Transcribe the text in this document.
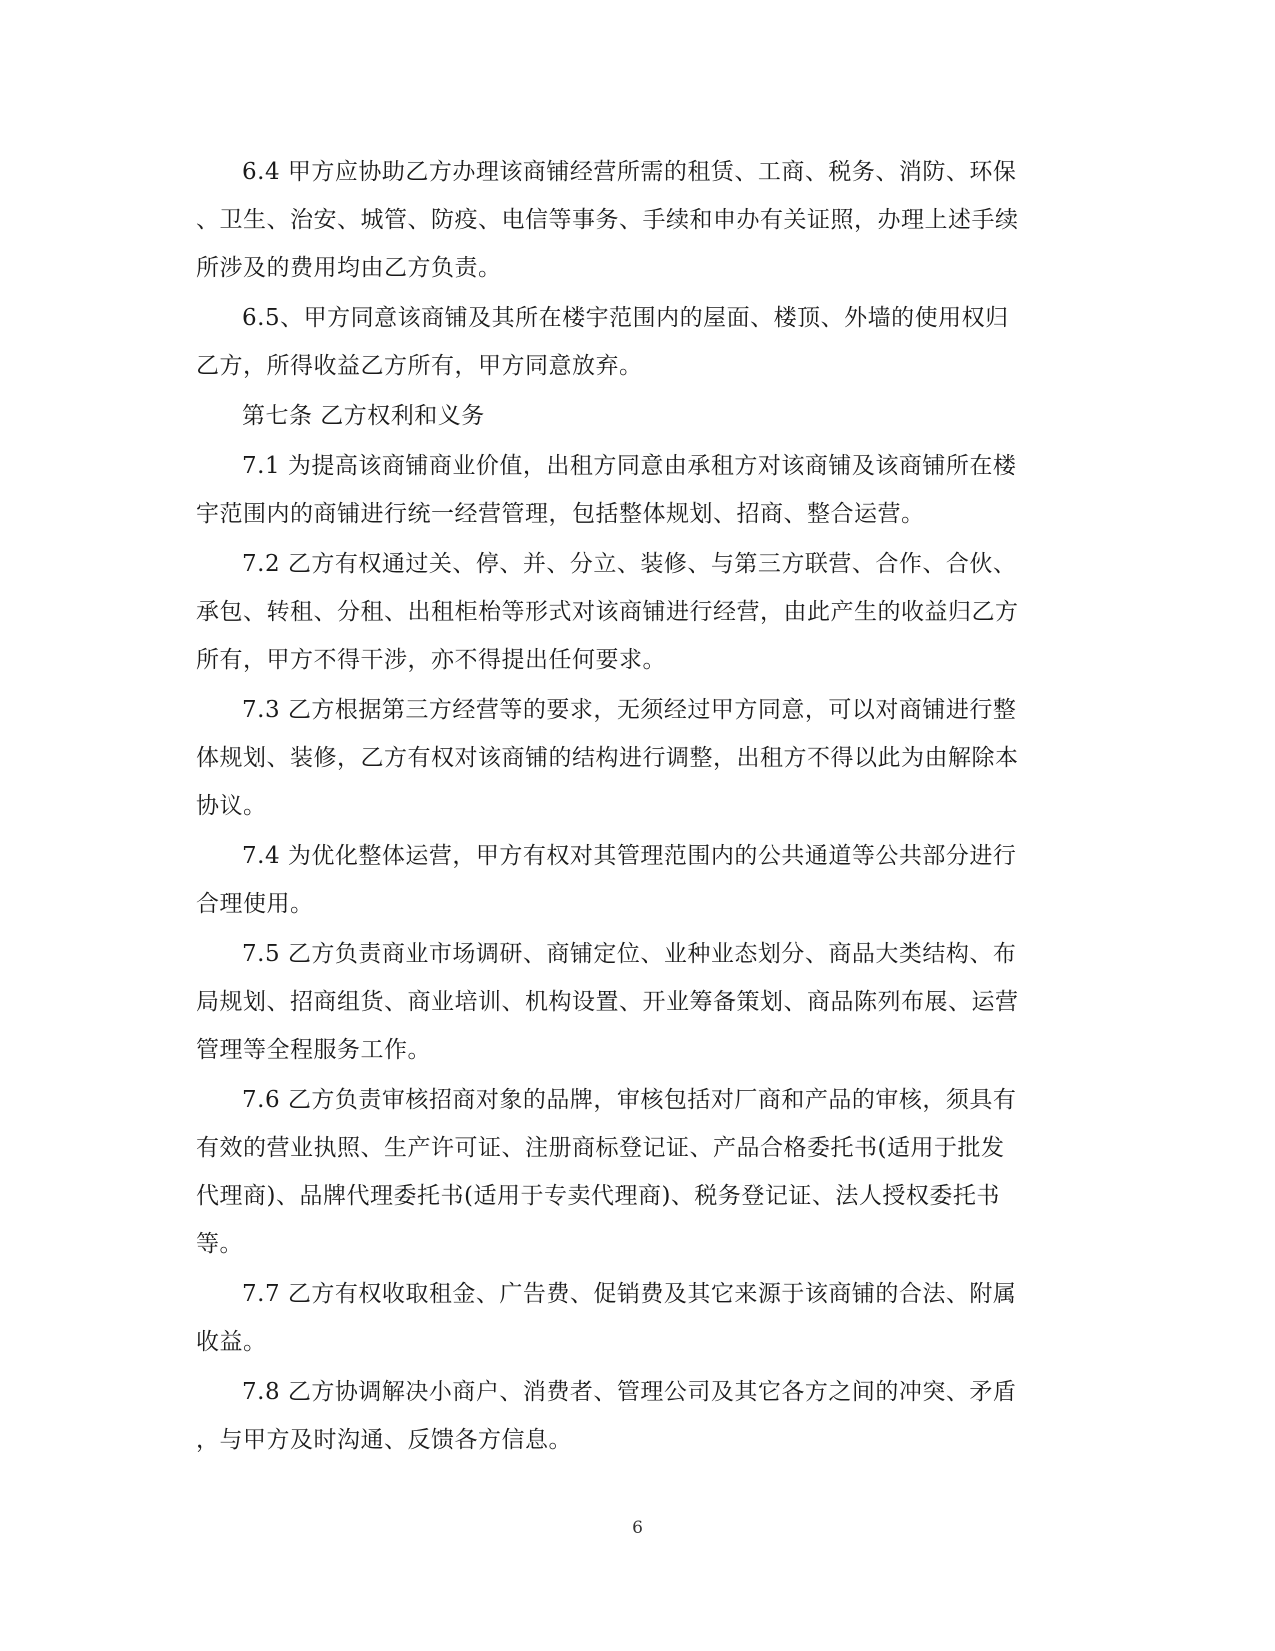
6.4 甲方应协助乙方办理该商铺经营所需的租赁、工商、税务、消防、环保
、卫生、治安、城管、防疫、电信等事务、手续和申办有关证照，办理上述手续
所涉及的费用均由乙方负责。

6.5、甲方同意该商铺及其所在楼宇范围内的屋面、楼顶、外墙的使用权归
乙方，所得收益乙方所有，甲方同意放弃。

第七条 乙方权利和义务

7.1 为提高该商铺商业价值，出租方同意由承租方对该商铺及该商铺所在楼
宇范围内的商铺进行统一经营管理，包括整体规划、招商、整合运营。

7.2 乙方有权通过关、停、并、分立、装修、与第三方联营、合作、合伙、
承包、转租、分租、出租柜枱等形式对该商铺进行经营，由此产生的收益归乙方
所有，甲方不得干涉，亦不得提出任何要求。

7.3 乙方根据第三方经营等的要求，无须经过甲方同意，可以对商铺进行整
体规划、装修，乙方有权对该商铺的结构进行调整，出租方不得以此为由解除本
协议。

7.4 为优化整体运营，甲方有权对其管理范围内的公共通道等公共部分进行
合理使用。

7.5 乙方负责商业市场调研、商铺定位、业种业态划分、商品大类结构、布
局规划、招商组货、商业培训、机构设置、开业筹备策划、商品陈列布展、运营
管理等全程服务工作。

7.6 乙方负责审核招商对象的品牌，审核包括对厂商和产品的审核，须具有
有效的营业执照、生产许可证、注册商标登记证、产品合格委托书(适用于批发
代理商)、品牌代理委托书(适用于专卖代理商)、税务登记证、法人授权委托书
等。

7.7 乙方有权收取租金、广告费、促销费及其它来源于该商铺的合法、附属
收益。

7.8 乙方协调解决小商户、消费者、管理公司及其它各方之间的冲突、矛盾
，与甲方及时沟通、反馈各方信息。

6
